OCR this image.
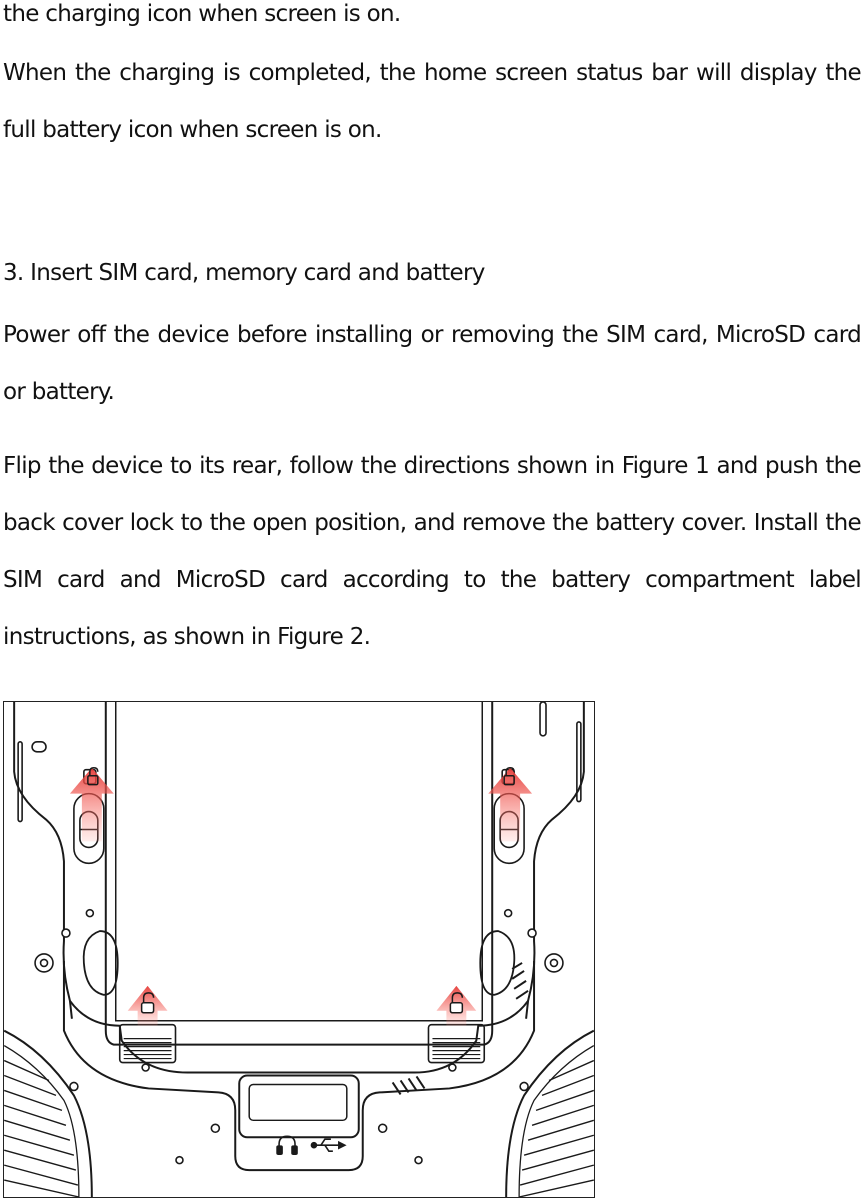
the charging icon when screen is on.

When the charging is completed, the home screen status bar will display the full battery icon when screen is on.

3. Insert SIM card, memory card and battery

Power off the device before installing or removing the SIM card, MicroSD card or battery.

Flip the device to its rear, follow the directions shown in Figure 1 and push the back cover lock to the open position, and remove the battery cover. Install the SIM card and MicroSD card according to the battery compartment label instructions, as shown in Figure 2.
